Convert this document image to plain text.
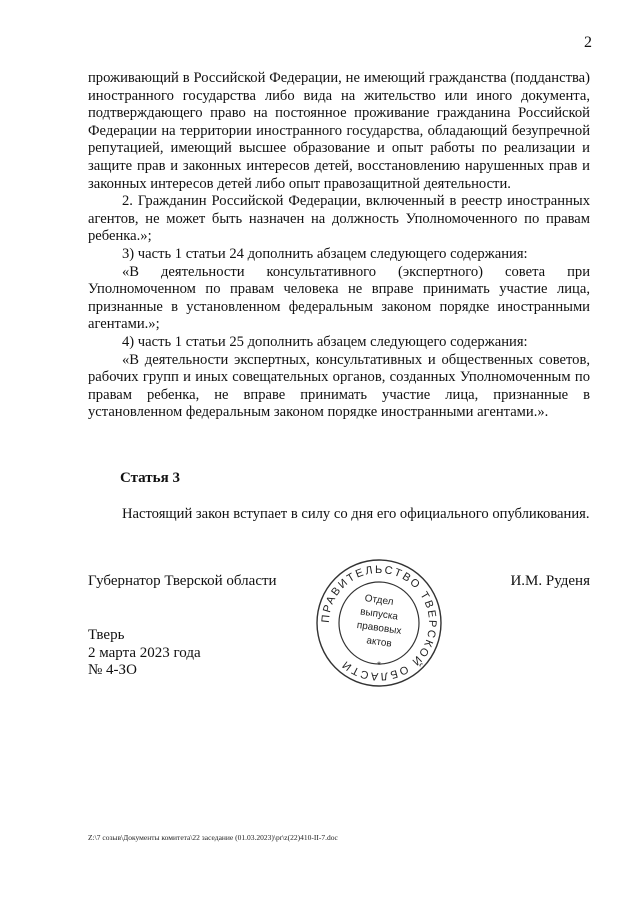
2

проживающий в Российской Федерации, не имеющий гражданства (подданства) иностранного государства либо вида на жительство или иного документа, подтверждающего право на постоянное проживание гражданина Российской Федерации на территории иностранного государства, обладающий безупречной репутацией, имеющий высшее образование и опыт работы по реализации и защите прав и законных интересов детей, восстановлению нарушенных прав и законных интересов детей либо опыт правозащитной деятельности.

2. Гражданин Российской Федерации, включенный в реестр иностранных агентов, не может быть назначен на должность Уполномоченного по правам ребенка.»;

3) часть 1 статьи 24 дополнить абзацем следующего содержания:

«В деятельности консультативного (экспертного) совета при Уполномоченном по правам человека не вправе принимать участие лица, признанные в установленном федеральным законом порядке иностранными агентами.»;

4) часть 1 статьи 25 дополнить абзацем следующего содержания:

«В деятельности экспертных, консультативных и общественных советов, рабочих групп и иных совещательных органов, созданных Уполномоченным по правам ребенка, не вправе принимать участие лица, признанные в установленном федеральным законом порядке иностранными агентами.».

Статья 3

Настоящий закон вступает в силу со дня его официального опубликования.

Губернатор Тверской области	И.М. Руденя
ПРАВИТЕЛЬСТВО ТВЕРСКОЙ ОБЛАСТИ	*
Отдел
выпуска
правовых
актов
Тверь
2 марта 2023 года
№ 4-ЗО
Z:\7 созыв\Документы комитета\22 заседание (01.03.2023)\pr\z(22)410-II-7.doc
